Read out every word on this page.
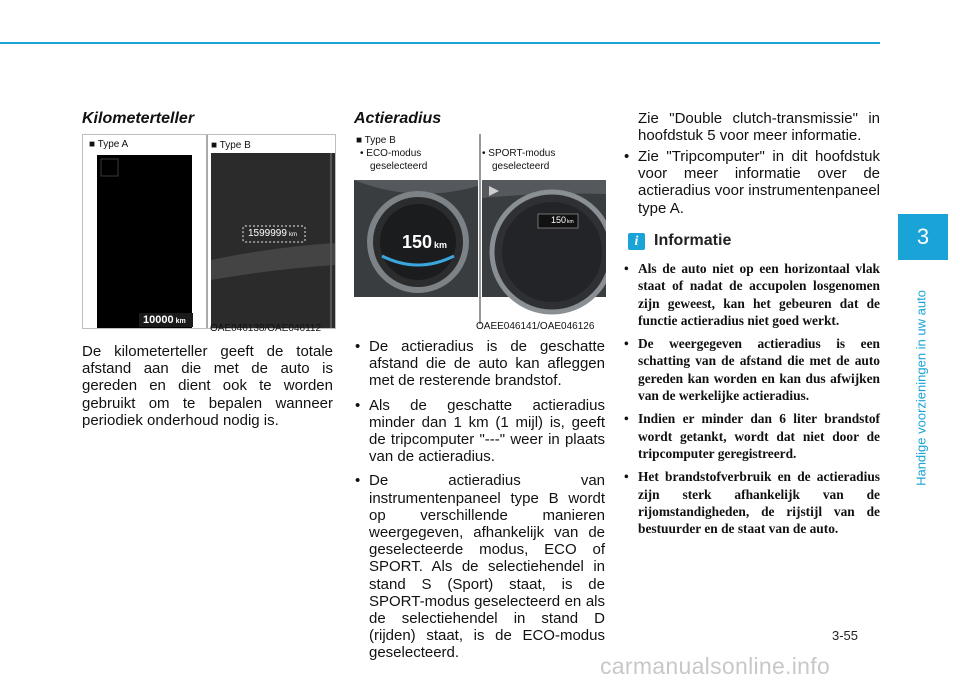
Kilometerteller
■ Type A	■ Type B
10000 km
1599999 km
OAE046138/OAE046112

De kilometerteller geeft de totale afstand aan die met de auto is gereden en dient ook te worden gebruikt om te bepalen wanneer periodiek onderhoud nodig is.

Actieradius
■ Type B
• ECO-modus
geselecteerd
• SPORT-modus
geselecteerd
150 km
150km
OAEE046141/OAE046126
• De actieradius is de geschatte afstand die de auto kan afleggen met de resterende brandstof.
• Als de geschatte actieradius minder dan 1 km (1 mijl) is, geeft de tripcomputer "---" weer in plaats van de actieradius.
• De actieradius van instrumentenpaneel type B wordt op verschillende manieren weergegeven, afhankelijk van de geselecteerde modus, ECO of SPORT. Als de selectiehendel in stand S (Sport) staat, is de SPORT-modus geselecteerd en als de selectiehendel in stand D (rijden) staat, is de ECO-modus geselecteerd.

Zie "Double clutch-transmissie" in hoofdstuk 5 voor meer informatie.

• Zie "Tripcomputer" in dit hoofdstuk voor meer informatie over de actieradius voor instrumentenpaneel type A.
i Informatie
• Als de auto niet op een horizontaal vlak staat of nadat de accupolen losgenomen zijn geweest, kan het gebeuren dat de functie actieradius niet goed werkt.
• De weergegeven actieradius is een schatting van de afstand die met de auto gereden kan worden en kan dus afwijken van de werkelijke actieradius.
• Indien er minder dan 6 liter brandstof wordt getankt, wordt dat niet door de tripcomputer geregistreerd.
• Het brandstofverbruik en de actieradius zijn sterk afhankelijk van de rijomstandigheden, de rijstijl van de bestuurder en de staat van de auto.
3
Handige voorzieningen in uw auto
3-55
carmanualsonline.info
